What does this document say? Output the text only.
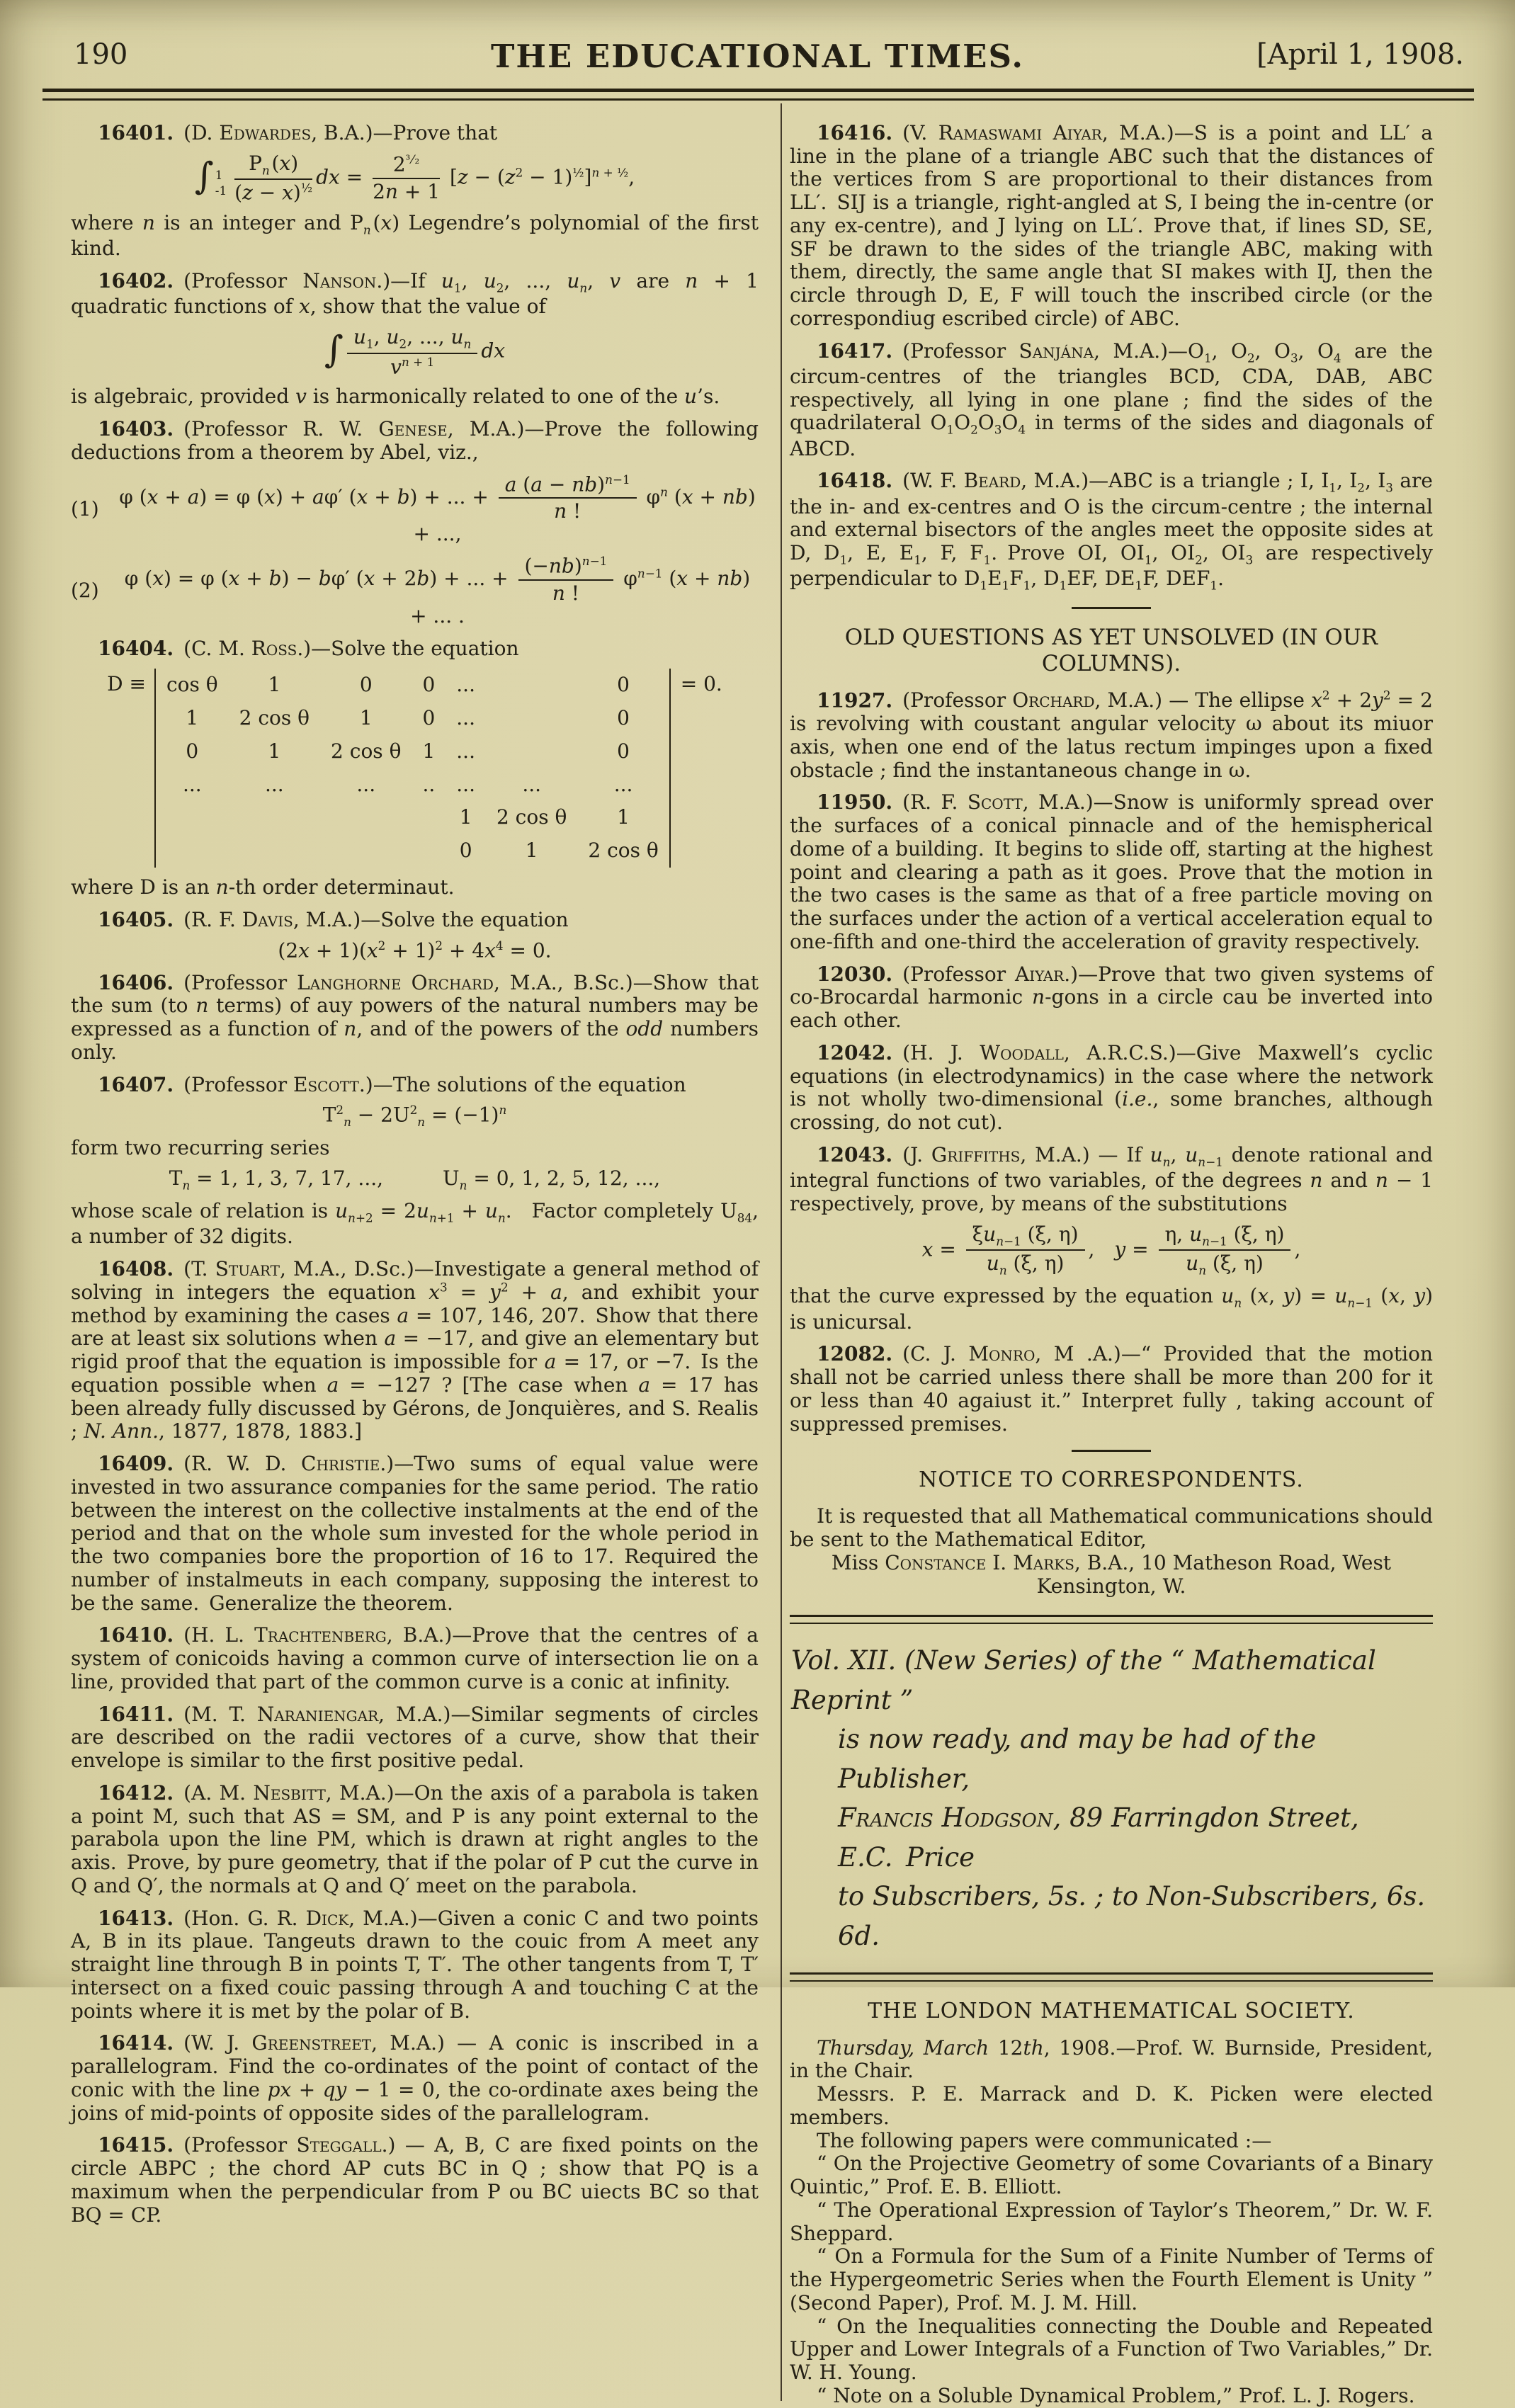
190	THE EDUCATIONAL TIMES.	[April 1, 1908.
16401.  (D. Edwardes, B.A.)—Prove that
∫ 1
$-1 \frac{P_n (x)}{(z - x)^{\frac{1}{2}}}$ dx = $\frac{2^{^3 ⁄ _2}}{2n + 1} [z - (z^2 - 1)^{\frac{1}{2}}]^{n + \frac{1}{2}}$,
where n is an integer and $P_n$ (x) Legendre’s polynomial of the first kind.
16402.  (Professor Nanson.)—If $u_1$, $u_2$, ..., $u_n$, v are n + 1 quadratic functions of x, show that the value of
∫ $\frac{u_1, u_2, ..., u_n}{v^{n + 1}}$ dx
is algebraic, provided v is harmonically related to one of the u’s.
16403.  (Professor R. W. Genese, M.A.)—Prove the following deductions from a theorem by Abel, viz.,
(1)
φ (x + a) = φ (x) + aφ′ (x + b) + ... + $\frac{a (a - nb)^{n-1}}{n !} \varphi^n$ (x + nb) + ...,
(2)
φ (x) = φ (x + b) − bφ′ (x + 2b) + ... + $\frac{(-nb)^{n-1}}{n !} \varphi^{n-1}$ (x + nb) + ... .
16404.  (C. M. Ross.)—Solve the equation
D ≡ cos θ	1	0	0	...		0
1	2 cos θ	1	0	...		0
0	1	2 cos θ	1	...		0
...	...	...	..	...	...	...
				1	2 cos θ	1
				0	1	2 cos θ
= 0.
where D is an n-th order determinaut.
16405.  (R. F. Davis, M.A.)—Solve the equation
$(2x + 1)(x^2 + 1)^2 + 4x^4 = 0$.
16406.  (Professor Langhorne Orchard, M.A., B.Sc.)—Show that the sum (to n terms) of auy powers of the natural numbers may be expressed as a function of n, and of the powers of the odd numbers only.
16407.  (Professor Escott.)—The solutions of the equation
$T^2_n - 2U^2_n = (-1)^n$
form two recurring series
$T_n = 1$, 1, 3, 7, 17, ...,	$U_n = 0$, 1, 2, 5, 12, ...,
whose scale of relation is $u_{n+2} = 2u_{n+1} + u_n$. Factor completely $U_{84}$, a number of 32 digits.
16408.  (T. Stuart, M.A., D.Sc.)—Investigate a general method of solving in integers the equation $x^3 = y^2 + a$, and exhibit your method by examining the cases a = 107, 146, 207. Show that there are at least six solutions when a = −17, and give an elementary but rigid proof that the equation is impossible for a = 17, or −7. Is the equation possible when a = −127 ? [The case when a = 17 has been already fully discussed by Gérons, de Jonquières, and S. Realis ; N. Ann., 1877, 1878, 1883.]
16409.  (R. W. D. Christie.)—Two sums of equal value were invested in two assurance companies for the same period. The ratio between the interest on the collective instalments at the end of the period and that on the whole sum invested for the whole period in the two companies bore the proportion of 16 to 17. Required the number of instalmeuts in each company, supposing the interest to be the same. Generalize the theorem.
16410.  (H. L. Trachtenberg, B.A.)—Prove that the centres of a system of conicoids having a common curve of intersection lie on a line, provided that part of the common curve is a conic at infinity.
16411.  (M. T. Naraniengar, M.A.)—Similar segments of circles are described on the radii vectores of a curve, show that their envelope is similar to the first positive pedal.
16412.  (A. M. Nesbitt, M.A.)—On the axis of a parabola is taken a point M, such that AS = SM, and P is any point external to the parabola upon the line PM, which is drawn at right angles to the axis. Prove, by pure geometry, that if the polar of P cut the curve in Q and Q′, the normals at Q and Q′ meet on the parabola.
16413.  (Hon. G. R. Dick, M.A.)—Given a conic C and two points A, B in its plaue. Tangeuts drawn to the couic from A meet any straight line through B in points T, T′. The other tangents from T, T′ intersect on a fixed couic passing through A and touching C at the points where it is met by the polar of B.
16414.  (W. J. Greenstreet, M.A.) — A conic is inscribed in a parallelogram. Find the co-ordinates of the point of contact of the conic with the line px + qy − 1 = 0, the co-ordinate axes being the joins of mid-points of opposite sides of the parallelogram.
16415.  (Professor Steggall.) — A, B, C are fixed points on the circle ABPC ; the chord AP cuts BC in Q ; show that PQ is a maximum when the perpendicular from P ou BC uiects BC so that BQ = CP.
16416.  (V. Ramaswami Aiyar, M.A.)—S is a point and LL′ a line in the plane of a triangle ABC such that the distances of the vertices from S are proportional to their distances from LL′. SIJ is a triangle, right-angled at S, I being the in-centre (or any ex-centre), and J lying on LL′. Prove that, if lines SD, SE, SF be drawn to the sides of the triangle ABC, making with them, directly, the same angle that SI makes with IJ, then the circle through D, E, F will touch the inscribed circle (or the correspondiug escribed circle) of ABC.
16417.  (Professor Sanjána, $M.A.)—O_1$, $O_2$, $O_3$, $O_4$ are the circum-centres of the triangles BCD, CDA, DAB, ABC respectively, all lying in one plane ; find the sides of the quadrilateral $O_1O_2O_3O_4$ in terms of the sides and diagonals of ABCD.
16418.  (W. F. Beard, M.A.)—ABC is a triangle ; I, $I_1$, $I_2$, $I_3$ are the in- and ex-centres and O is the circum-centre ; the internal and external bisectors of the angles meet the opposite sides at D, $D_1$, E, $E_1$, F, $F_1$. Prove OI, $OI_1$, $OI_2$, $OI_3$ are respectively perpendicular to $D_1E_1F_1$, $D_1EF$, $DE_1F$, $DEF_1$.
OLD QUESTIONS AS YET UNSOLVED (IN OUR COLUMNS).
11927.  (Professor Orchard, M.A.) — The ellipse $x^2 + 2y^2 = 2$ is revolving with coustant angular velocity ω about its miuor axis, when one end of the latus rectum impinges upon a fixed obstacle ; find the instantaneous change in ω.
11950.  (R. F. Scott, M.A.)—Snow is uniformly spread over the surfaces of a conical pinnacle and of the hemispherical dome of a building. It begins to slide off, starting at the highest point and clearing a path as it goes. Prove that the motion in the two cases is the same as that of a free particle moving on the surfaces under the action of a vertical acceleration equal to one-fifth and one-third the acceleration of gravity respectively.
12030.  (Professor Aiyar.)—Prove that two given systems of co-Brocardal harmonic n-gons in a circle cau be inverted into each other.
12042.  (H. J. Woodall, A.R.C.S.)—Give Maxwell’s cyclic equations (in electrodynamics) in the case where the network is not wholly two-dimensional (i.e., some branches, although crossing, do not cut).
12043.  (J. Griffiths, M.A.) — If $u_n$, $u_{n-1}$ denote rational and integral functions of two variables, of the degrees n and n − 1 respectively, prove, by means of the substitutions
x =
$\xi u_{n-1}$ (ξ, η)
$u_n$ (ξ, η)
, $y = \frac{\eta, u_{n-1} (\xi, \eta)}{u_n (\xi, \eta)}$ ,
that the curve expressed by the equation $u_n$ (x, $y) = u_{n-1}$ (x, y) is unicursal.
12082.  (C. J. Monro, M .A.)—“ Provided that the motion shall not be carried unless there shall be more than 200 for it or less than 40 agaiust it.” Interpret fully , taking account of suppressed premises.
NOTICE TO CORRESPONDENTS.
It is requested that all Mathematical communications should be sent to the Mathematical Editor,
Miss Constance I. Marks, B.A., 10 Matheson Road, West
Kensington, W.
Vol. XII. (New Series) of the “ Mathematical Reprint ”
is now ready, and may be had of the Publisher,
Francis Hodgson, 89 Farringdon Street, E.C. Price
to Subscribers, 5s. ; to Non-Subscribers, 6s. 6d.
THE LONDON MATHEMATICAL SOCIETY.
Thursday, March 12th, 1908.—Prof. W. Burnside, President, in the Chair.
Messrs. P. E. Marrack and D. K. Picken were elected members.
The following papers were communicated :—
“ On the Projective Geometry of some Covariants of a Binary Quintic,” Prof. E. B. Elliott.
“ The Operational Expression of Taylor’s Theorem,” Dr. W. F. Sheppard.
“ On a Formula for the Sum of a Finite Number of Terms of the Hypergeometric Series when the Fourth Element is Unity ” (Second Paper), Prof. M. J. M. Hill.
“ On the Inequalities connecting the Double and Repeated Upper and Lower Integrals of a Function of Two Variables,” Dr. W. H. Young.
“ Note on a Soluble Dynamical Problem,” Prof. L. J. Rogers.
